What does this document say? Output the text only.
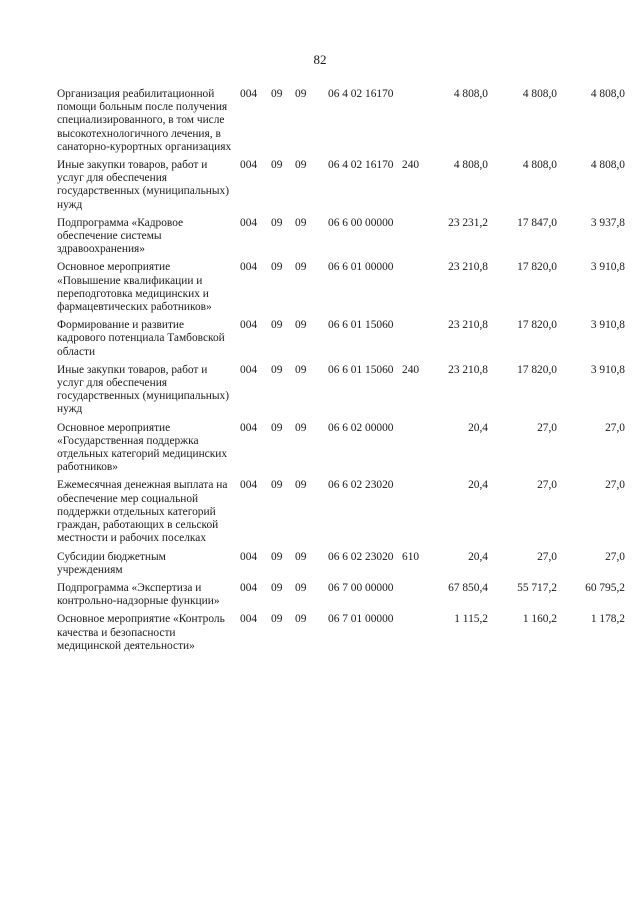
82
Организация реабилитационной помощи больным после получения специализированного, в том числе высокотехнологичного лечения, в санаторно-курортных организациях
004	09	09	06 4 02 16170	4 808,0	4 808,0	4 808,0
Иные закупки товаров, работ и услуг для обеспечения государственных (муниципальных) нужд
004	09	09	06 4 02 16170 240	4 808,0	4 808,0	4 808,0
Подпрограмма «Кадровое обеспечение системы здравоохранения»
004	09	09	06 6 00 00000	23 231,2	17 847,0	3 937,8
Основное мероприятие «Повышение квалификации и переподготовка медицинских и фармацевтических работников»
004	09	09	06 6 01 00000	23 210,8	17 820,0	3 910,8
Формирование и развитие кадрового потенциала Тамбовской области
004	09	09	06 6 01 15060	23 210,8	17 820,0	3 910,8
Иные закупки товаров, работ и услуг для обеспечения государственных (муниципальных) нужд
004	09	09	06 6 01 15060 240	23 210,8	17 820,0	3 910,8
Основное мероприятие «Государственная поддержка отдельных категорий медицинских работников»
004	09	09	06 6 02 00000	20,4	27,0	27,0
Ежемесячная денежная выплата на обеспечение мер социальной поддержки отдельных категорий граждан, работающих в сельской местности и рабочих поселках
004	09	09	06 6 02 23020	20,4	27,0	27,0
Субсидии бюджетным учреждениям
004	09	09	06 6 02 23020 610	20,4	27,0	27,0
Подпрограмма «Экспертиза и контрольно-надзорные функции»
004	09	09	06 7 00 00000	67 850,4	55 717,2	60 795,2
Основное мероприятие «Контроль качества и безопасности медицинской деятельности»
004	09	09	06 7 01 00000	1 115,2	1 160,2	1 178,2
